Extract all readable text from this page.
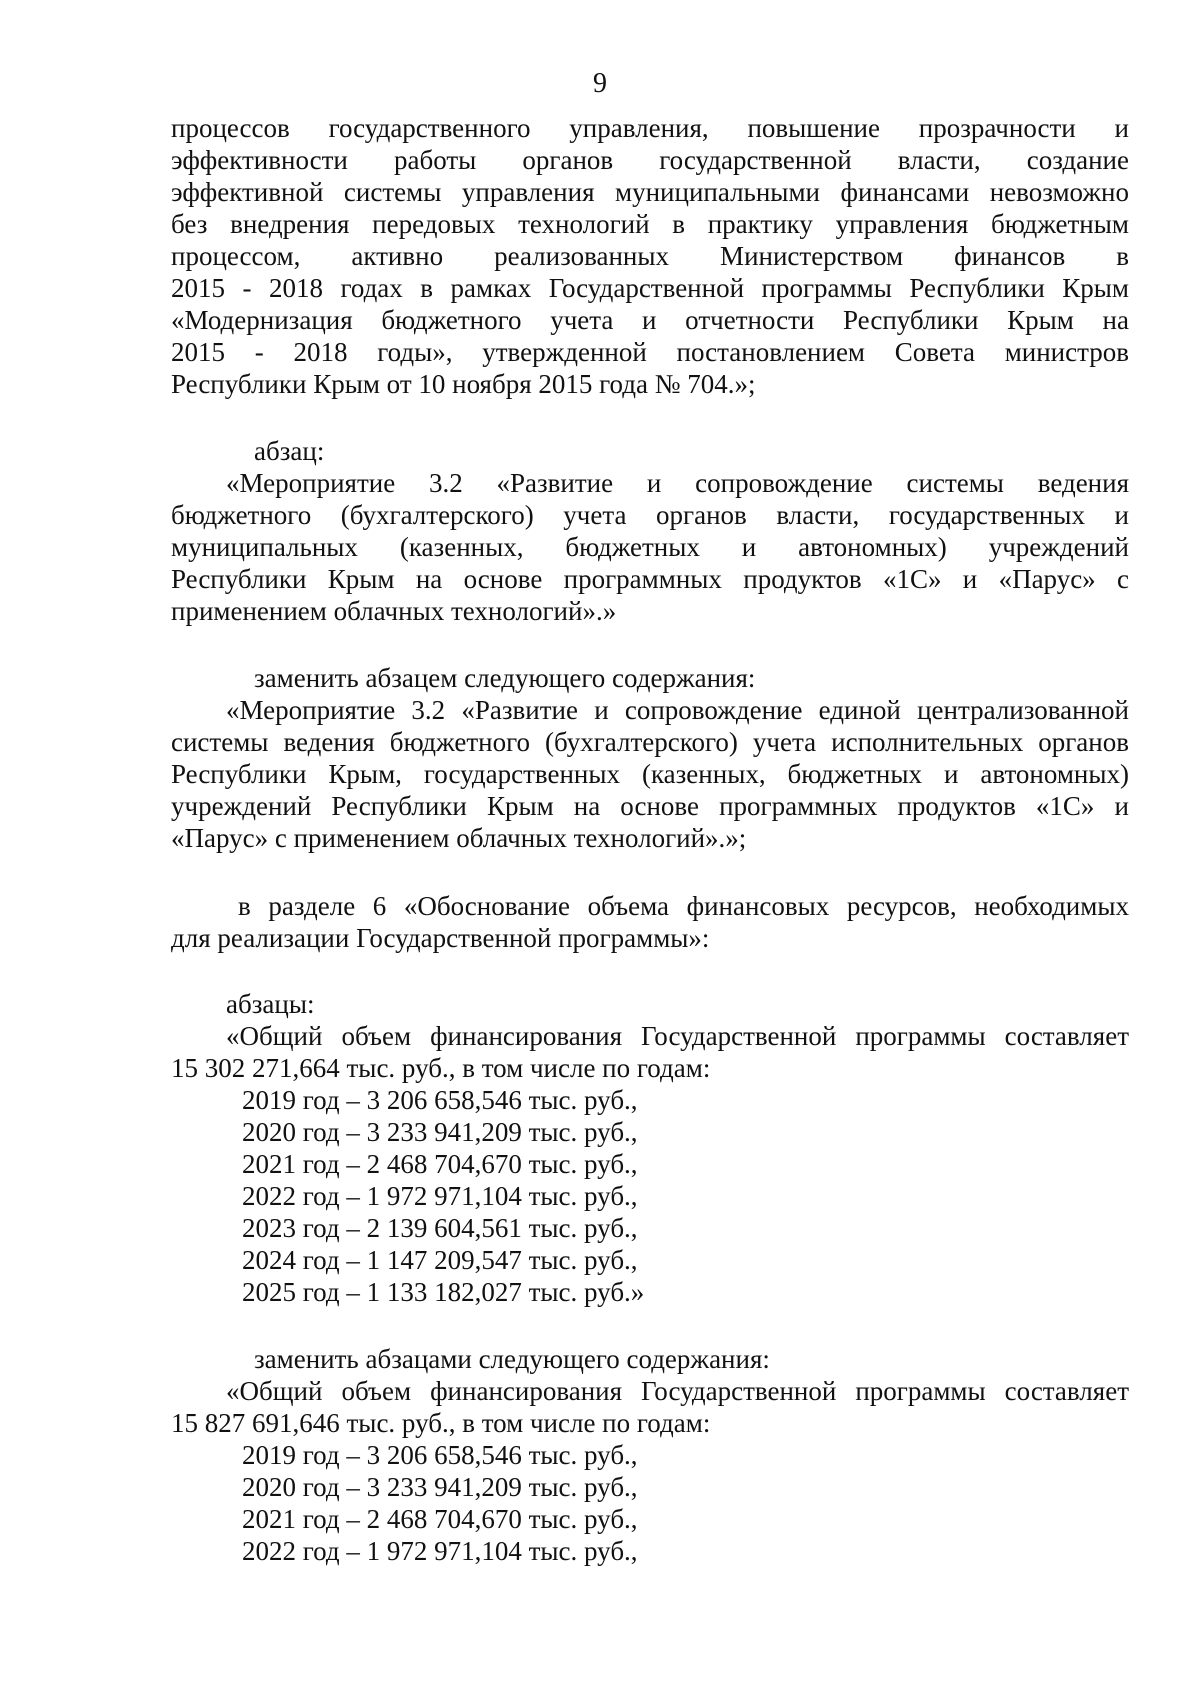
9
процессов государственного управления, повышение прозрачности и
эффективности работы органов государственной власти, создание
эффективной системы управления муниципальными финансами невозможно
без внедрения передовых технологий в практику управления бюджетным
процессом, активно реализованных Министерством финансов в
2015 - 2018 годах в рамках Государственной программы Республики Крым
«Модернизация бюджетного учета и отчетности Республики Крым на
2015 - 2018 годы», утвержденной постановлением Совета министров
Республики Крым от 10 ноября 2015 года № 704.»;
абзац:
«Мероприятие 3.2 «Развитие и сопровождение системы ведения
бюджетного (бухгалтерского) учета органов власти, государственных и
муниципальных (казенных, бюджетных и автономных) учреждений
Республики Крым на основе программных продуктов «1С» и «Парус» с
применением облачных технологий».»
заменить абзацем следующего содержания:
«Мероприятие 3.2 «Развитие и сопровождение единой централизованной
системы ведения бюджетного (бухгалтерского) учета исполнительных органов
Республики Крым, государственных (казенных, бюджетных и автономных)
учреждений Республики Крым на основе программных продуктов «1С» и
«Парус» с применением облачных технологий».»;
в разделе 6 «Обоснование объема финансовых ресурсов, необходимых
для реализации Государственной программы»:
абзацы:
«Общий объем финансирования Государственной программы составляет
15 302 271,664 тыс. руб., в том числе по годам:
2019 год – 3 206 658,546 тыс. руб.,
2020 год – 3 233 941,209 тыс. руб.,
2021 год – 2 468 704,670 тыс. руб.,
2022 год – 1 972 971,104 тыс. руб.,
2023 год – 2 139 604,561 тыс. руб.,
2024 год – 1 147 209,547 тыс. руб.,
2025 год – 1 133 182,027 тыс. руб.»
заменить абзацами следующего содержания:
«Общий объем финансирования Государственной программы составляет
15 827 691,646 тыс. руб., в том числе по годам:
2019 год – 3 206 658,546 тыс. руб.,
2020 год – 3 233 941,209 тыс. руб.,
2021 год – 2 468 704,670 тыс. руб.,
2022 год – 1 972 971,104 тыс. руб.,
